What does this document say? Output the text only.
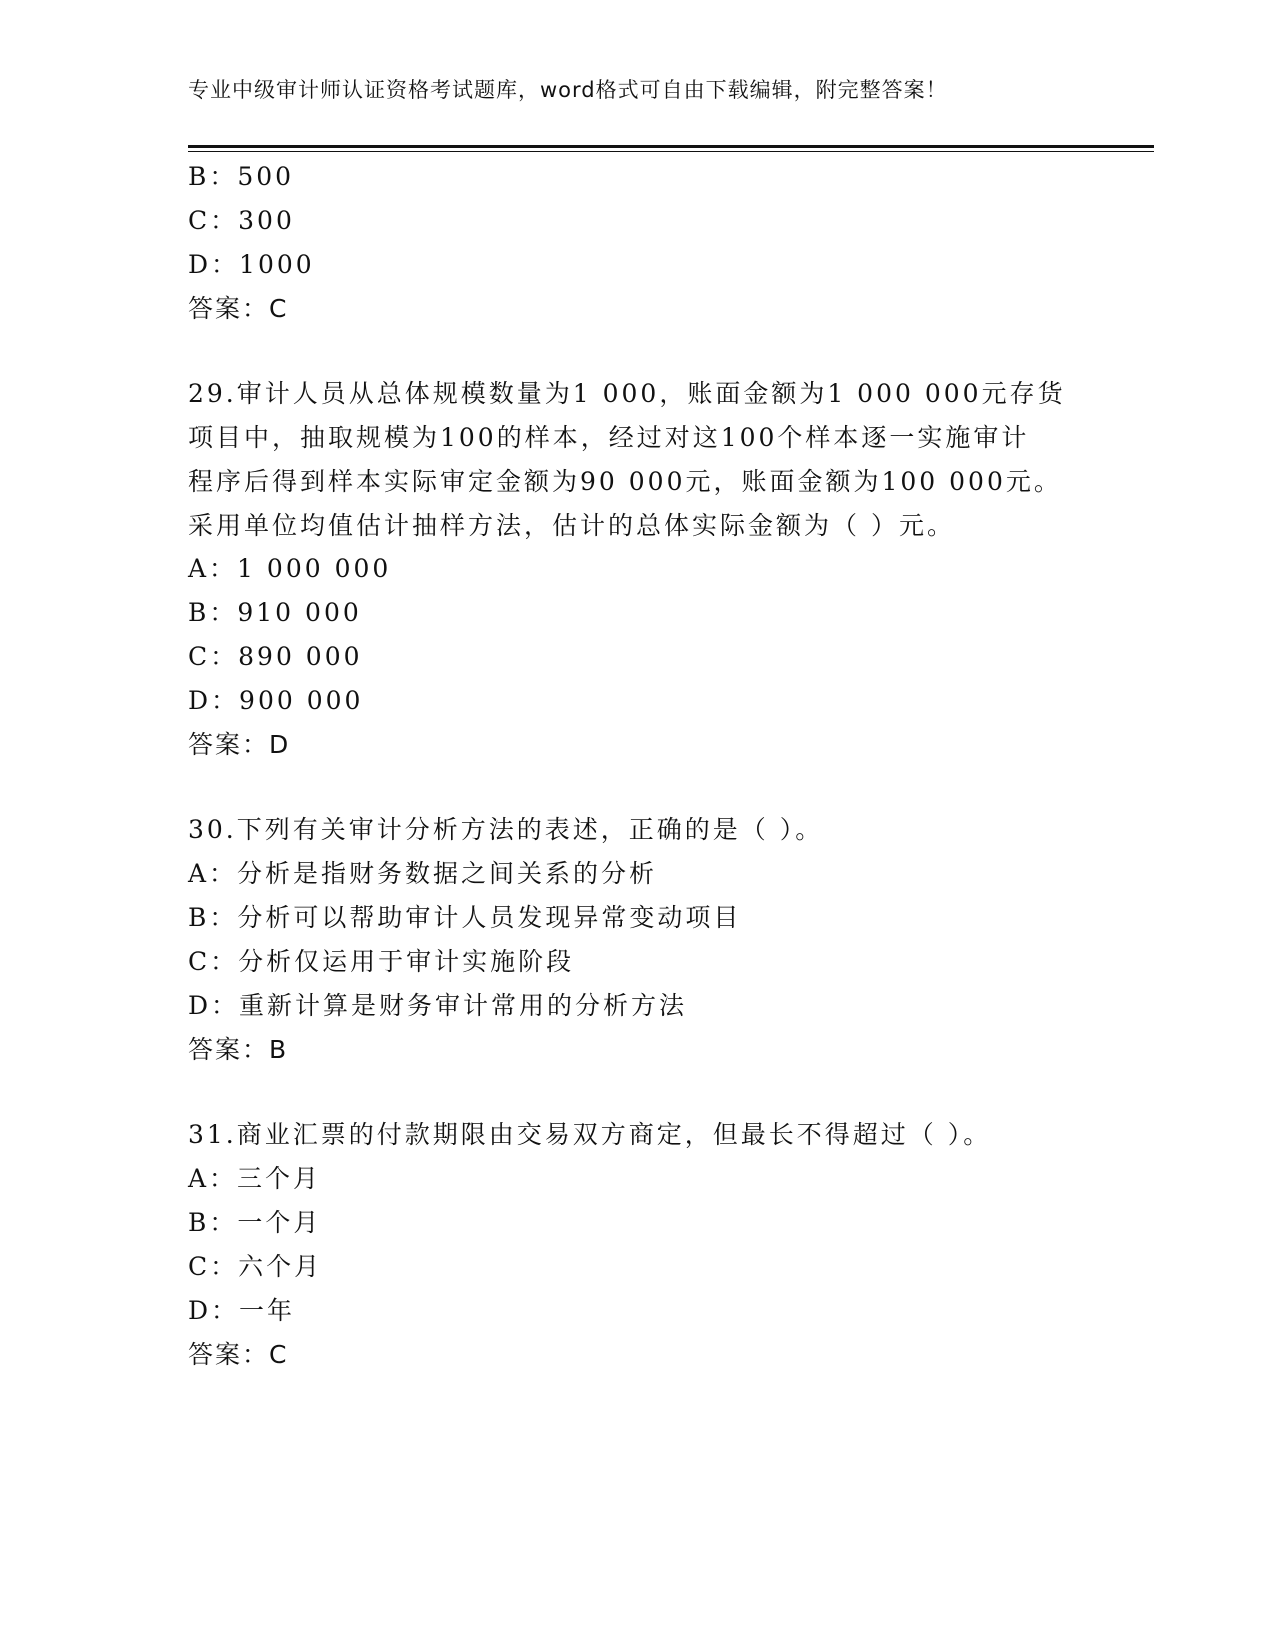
专业中级审计师认证资格考试题库，word格式可自由下载编辑，附完整答案！
B：500
C：300
D：1000
答案：C
29.审计人员从总体规模数量为1 000，账面金额为1 000 000元存货
项目中，抽取规模为100的样本，经过对这100个样本逐一实施审计
程序后得到样本实际审定金额为90 000元，账面金额为100 000元。
采用单位均值估计抽样方法，估计的总体实际金额为（ ）元。
A：1 000 000
B：910 000
C：890 000
D：900 000
答案：D
30.下列有关审计分析方法的表述，正确的是（ ）。
A：分析是指财务数据之间关系的分析
B：分析可以帮助审计人员发现异常变动项目
C：分析仅运用于审计实施阶段
D：重新计算是财务审计常用的分析方法
答案：B
31.商业汇票的付款期限由交易双方商定，但最长不得超过（ ）。
A：三个月
B：一个月
C：六个月
D：一年
答案：C
